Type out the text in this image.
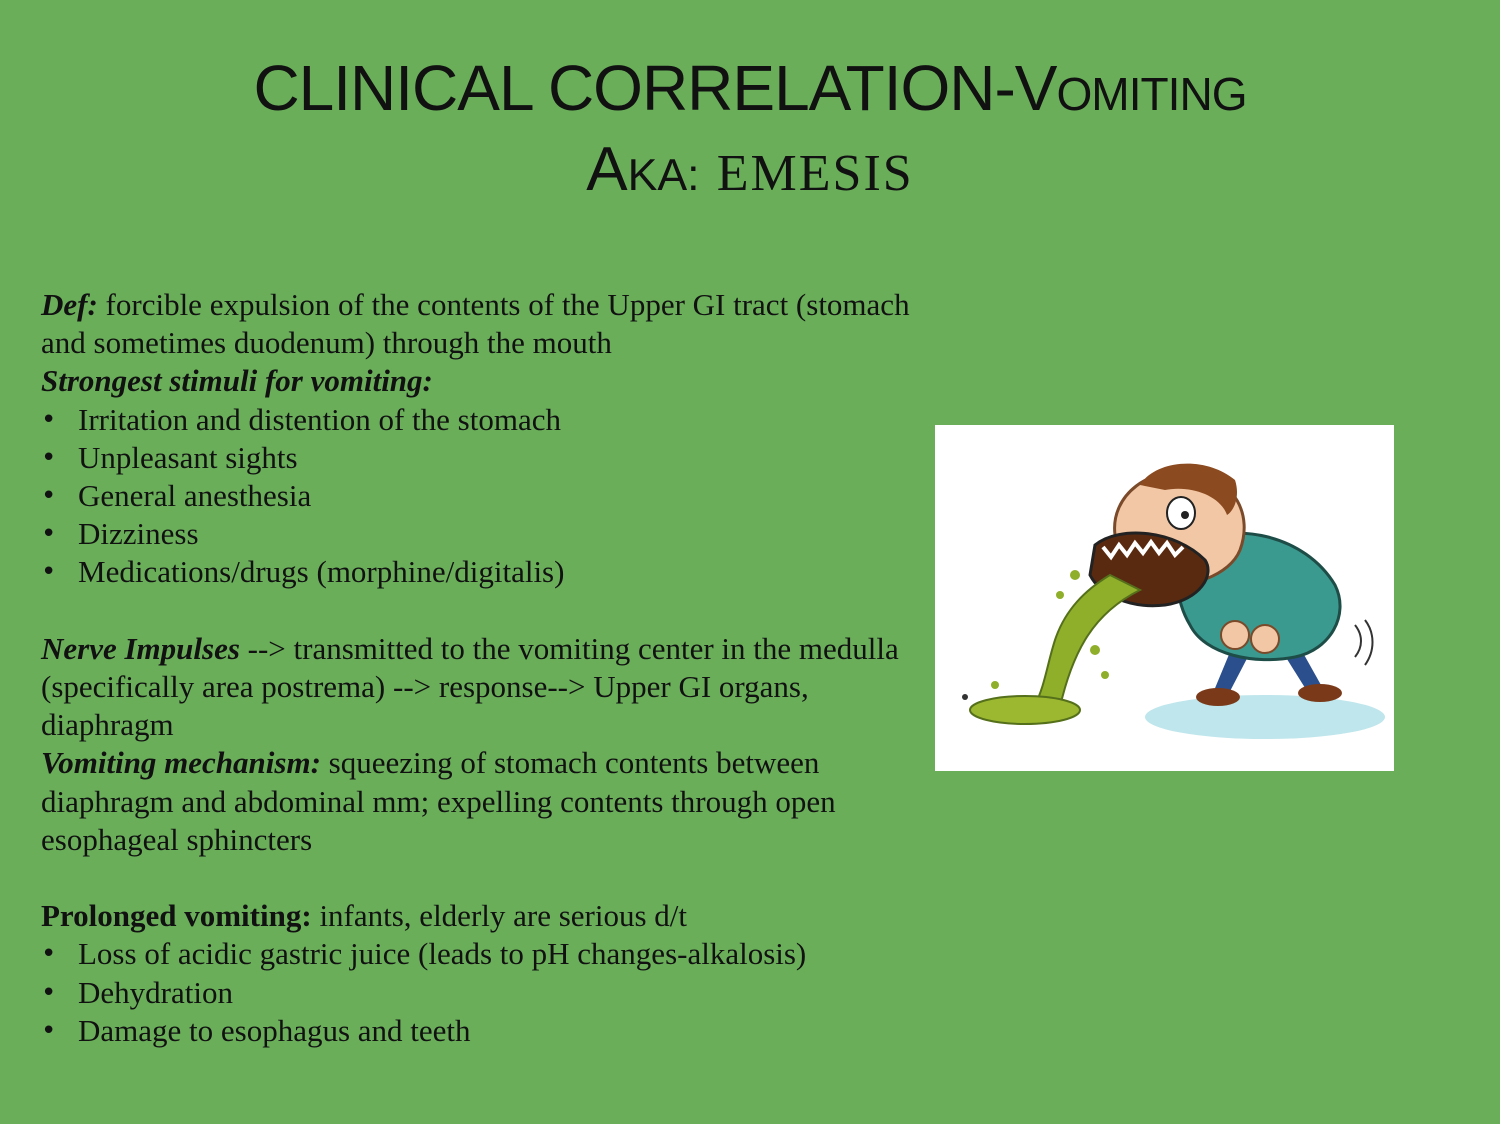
CLINICAL CORRELATION-VOMITING
AKA: EMESIS

Def: forcible expulsion of the contents of the Upper GI tract (stomach and sometimes duodenum) through the mouth

Strongest stimuli for vomiting:

• Irritation and distention of the stomach
• Unpleasant sights
• General anesthesia
• Dizziness
• Medications/drugs (morphine/digitalis)

Nerve Impulses --> transmitted to the vomiting center in the medulla (specifically area postrema) --> response--> Upper GI organs, diaphragm

Vomiting mechanism: squeezing of stomach contents between diaphragm and abdominal mm; expelling contents through open esophageal sphincters

Prolonged vomiting: infants, elderly are serious d/t

• Loss of acidic gastric juice (leads to pH changes-alkalosis)
• Dehydration
• Damage to esophagus and teeth
